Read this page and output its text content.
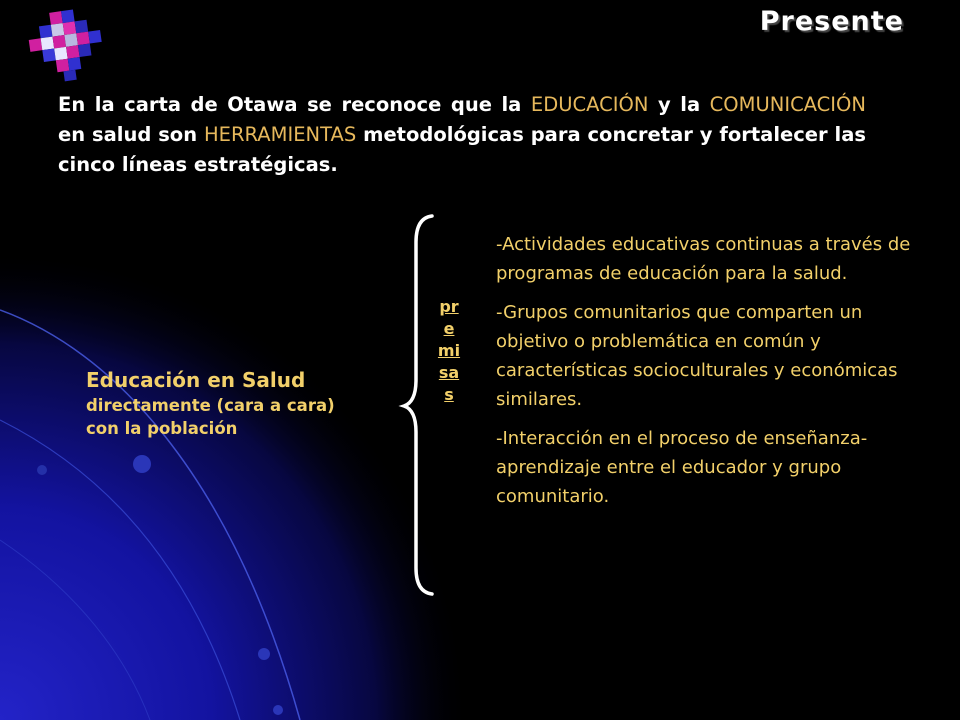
Presente

En la carta de Otawa se reconoce que la EDUCACIÓN y la COMUNICACIÓN en salud son HERRAMIENTAS metodológicas para concretar y fortalecer las cinco líneas estratégicas.

Educación en Salud
directamente (cara a cara) con la población
premisas
-Actividades educativas continuas a través de programas de educación para la salud.
-Grupos comunitarios que comparten un objetivo o problemática en común y características socioculturales y económicas similares.
-Interacción en el proceso de enseñanza-aprendizaje entre el educador y grupo comunitario.
